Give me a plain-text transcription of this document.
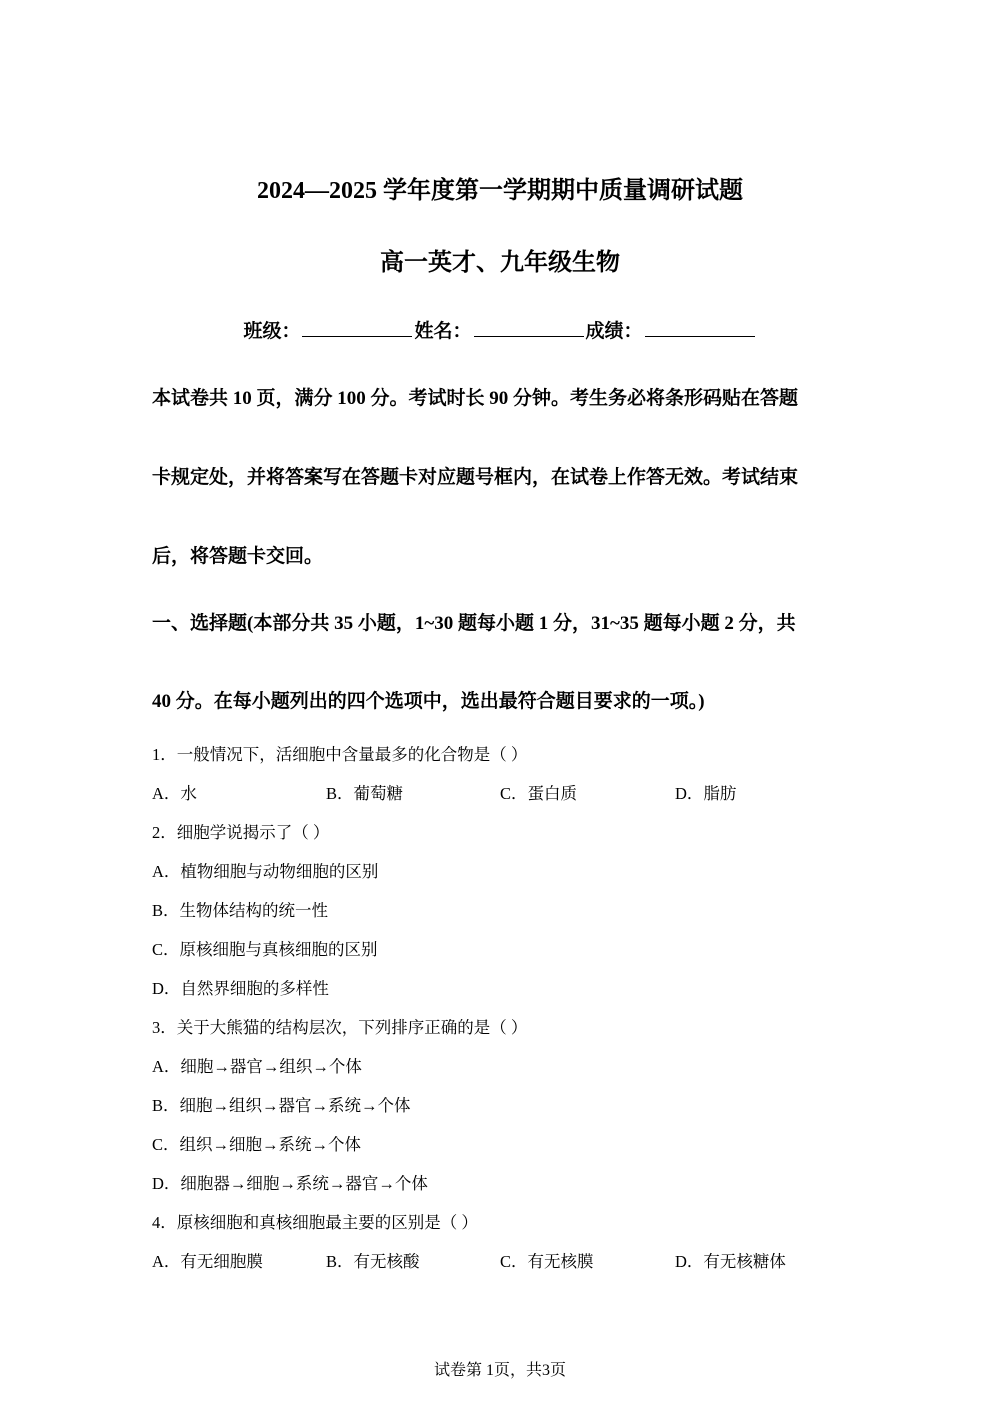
2024—2025 学年度第一学期期中质量调研试题
高一英才、九年级生物
班级：	姓名：	成绩：
本试卷共 10 页，满分 100 分。考试时长 90 分钟。考生务必将条形码贴在答题
卡规定处，并将答案写在答题卡对应题号框内，在试卷上作答无效。考试结束
后，将答题卡交回。
一、选择题(本部分共 35 小题，1~30 题每小题 1 分，31~35 题每小题 2 分，共
40 分。在每小题列出的四个选项中，选出最符合题目要求的一项。)
1．一般情况下，活细胞中含量最多的化合物是（ ）
A．水	B．葡萄糖	C．蛋白质	D．脂肪
2．细胞学说揭示了（ ）
A．植物细胞与动物细胞的区别
B．生物体结构的统一性
C．原核细胞与真核细胞的区别
D．自然界细胞的多样性
3．关于大熊猫的结构层次，下列排序正确的是（ ）
A．细胞→器官→组织→个体
B．细胞→组织→器官→系统→个体
C．组织→细胞→系统→个体
D．细胞器→细胞→系统→器官→个体
4．原核细胞和真核细胞最主要的区别是（ ）
A．有无细胞膜	B．有无核酸	C．有无核膜	D．有无核糖体
试卷第 1页，共3页
